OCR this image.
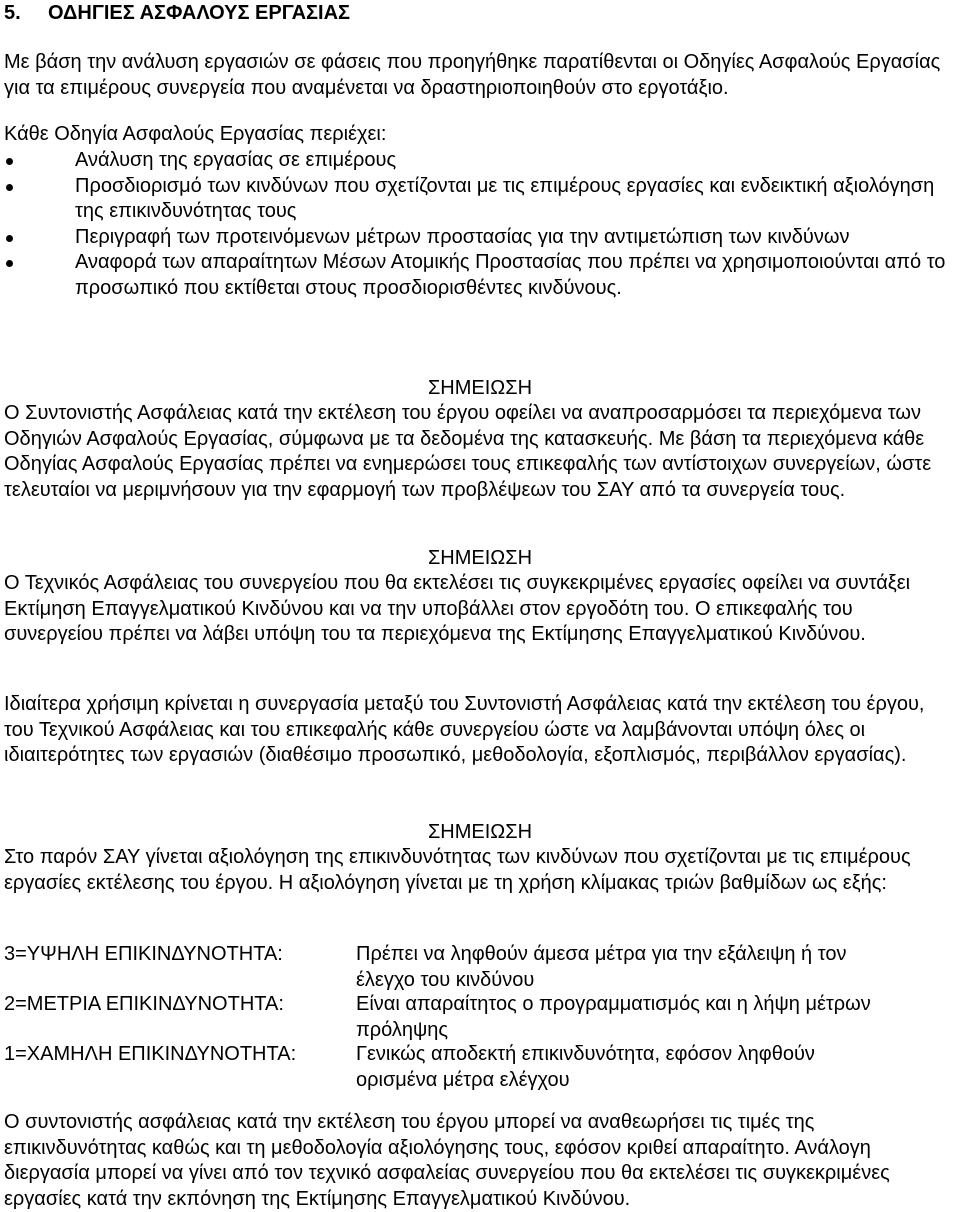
5.	ΟΔΗΓΙΕΣ ΑΣΦΑΛΟΥΣ ΕΡΓΑΣΙΑΣ

Με βάση την ανάλυση εργασιών σε φάσεις που προηγήθηκε παρατίθενται οι Οδηγίες Ασφαλούς Εργασίας για τα επιμέρους συνεργεία που αναμένεται να δραστηριοποιηθούν στο εργοτάξιο.

Κάθε Οδηγία Ασφαλούς Εργασίας περιέχει:

Ανάλυση της εργασίας σε επιμέρους
Προσδιορισμό των κινδύνων που σχετίζονται με τις επιμέρους εργασίες και ενδεικτική αξιολόγηση της επικινδυνότητας τους
Περιγραφή των προτεινόμενων μέτρων προστασίας για την αντιμετώπιση των κινδύνων
Αναφορά των απαραίτητων Μέσων Ατομικής Προστασίας που πρέπει να χρησιμοποιούνται από το προσωπικό που εκτίθεται στους προσδιορισθέντες κινδύνους.
ΣΗΜΕΙΩΣΗ

Ο Συντονιστής Ασφάλειας κατά την εκτέλεση του έργου οφείλει να αναπροσαρμόσει τα περιεχόμενα των Οδηγιών Ασφαλούς Εργασίας, σύμφωνα με τα δεδομένα της κατασκευής. Με βάση τα περιεχόμενα κάθε Οδηγίας Ασφαλούς Εργασίας πρέπει να ενημερώσει τους επικεφαλής των αντίστοιχων συνεργείων, ώστε τελευταίοι να μεριμνήσουν για την εφαρμογή των προβλέψεων του ΣΑΥ από τα συνεργεία τους.

ΣΗΜΕΙΩΣΗ

Ο Τεχνικός Ασφάλειας του συνεργείου που θα εκτελέσει τις συγκεκριμένες εργασίες οφείλει να συντάξει Εκτίμηση Επαγγελματικού Κινδύνου και να την υποβάλλει στον εργοδότη του. Ο επικεφαλής του συνεργείου πρέπει να λάβει υπόψη του τα περιεχόμενα της Εκτίμησης Επαγγελματικού Κινδύνου.

Ιδιαίτερα χρήσιμη κρίνεται η συνεργασία μεταξύ του Συντονιστή Ασφάλειας κατά την εκτέλεση του έργου, του Τεχνικού Ασφάλειας και του επικεφαλής κάθε συνεργείου ώστε να λαμβάνονται υπόψη όλες οι ιδιαιτερότητες των εργασιών (διαθέσιμο προσωπικό, μεθοδολογία, εξοπλισμός, περιβάλλον εργασίας).

ΣΗΜΕΙΩΣΗ

Στο παρόν ΣΑΥ γίνεται αξιολόγηση της επικινδυνότητας των κινδύνων που σχετίζονται με τις επιμέρους εργασίες εκτέλεσης του έργου. Η αξιολόγηση γίνεται με τη χρήση κλίμακας τριών βαθμίδων ως εξής:

3=ΥΨΗΛΗ ΕΠΙΚΙΝΔΥΝΟΤΗΤΑ:	Πρέπει να ληφθούν άμεσα μέτρα για την εξάλειψη ή τον
έλεγχο του κινδύνου
2=ΜΕΤΡΙΑ ΕΠΙΚΙΝΔΥΝΟΤΗΤΑ:	Είναι απαραίτητος ο προγραμματισμός και η λήψη μέτρων
πρόληψης
1=ΧΑΜΗΛΗ ΕΠΙΚΙΝΔΥΝΟΤΗΤΑ:	Γενικώς αποδεκτή επικινδυνότητα, εφόσον ληφθούν
ορισμένα μέτρα ελέγχου

Ο συντονιστής ασφάλειας κατά την εκτέλεση του έργου μπορεί να αναθεωρήσει τις τιμές της επικινδυνότητας καθώς και τη μεθοδολογία αξιολόγησης τους, εφόσον κριθεί απαραίτητο. Ανάλογη διεργασία μπορεί να γίνει από τον τεχνικό ασφαλείας συνεργείου που θα εκτελέσει τις συγκεκριμένες εργασίες κατά την εκπόνηση της Εκτίμησης Επαγγελματικού Κινδύνου.
